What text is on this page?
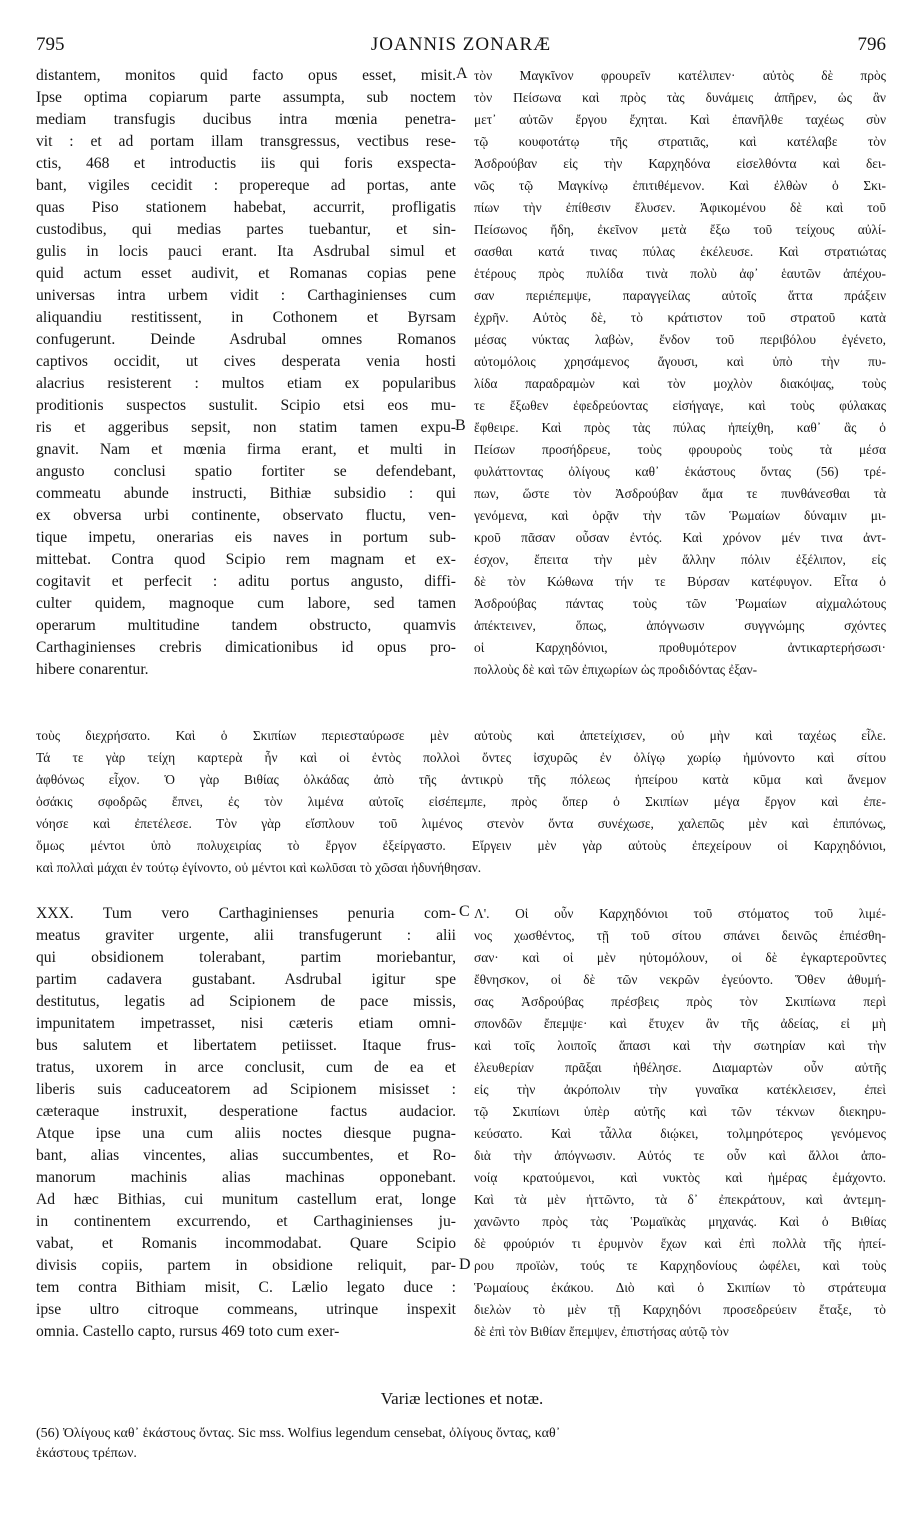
795	JOANNIS ZONARÆ	796
A
B
C
D
distantem, monitos quid facto opus esset, misit.
Ipse optima copiarum parte assumpta, sub noctem
mediam transfugis ducibus intra mœnia penetra-
vit : et ad portam illam transgressus, vectibus rese-
ctis, 468 et introductis iis qui foris exspecta-
bant, vigiles cecidit : propereque ad portas, ante
quas Piso stationem habebat, accurrit, profligatis
custodibus, qui medias partes tuebantur, et sin-
gulis in locis pauci erant. Ita Asdrubal simul et
quid actum esset audivit, et Romanas copias pene
universas intra urbem vidit : Carthaginienses cum
aliquandiu restitissent, in Cothonem et Byrsam
confugerunt. Deinde Asdrubal omnes Romanos
captivos occidit, ut cives desperata venia hosti
alacrius resisterent : multos etiam ex popularibus
proditionis suspectos sustulit. Scipio etsi eos mu-
ris et aggeribus sepsit, non statim tamen expu-
gnavit. Nam et mœnia firma erant, et multi in
angusto conclusi spatio fortiter se defendebant,
commeatu abunde instructi, Bithiæ subsidio : qui
ex obversa urbi continente, observato fluctu, ven-
tique impetu, onerarias eis naves in portum sub-
mittebat. Contra quod Scipio rem magnam et ex-
cogitavit et perfecit : aditu portus angusto, diffi-
culter quidem, magnoque cum labore, sed tamen
operarum multitudine tandem obstructo, quamvis
Carthaginienses crebris dimicationibus id opus pro-
hibere conarentur.
τὸν Μαγκῖνον φρουρεῖν κατέλιπεν· αὐτὸς δὲ πρὸς
τὸν Πείσωνα καὶ πρὸς τὰς δυνάμεις ἀπῆρεν, ὡς ἂν
μετ᾽ αὐτῶν ἔργου ἔχηται. Καὶ ἐπανῆλθε ταχέως σὺν
τῷ κουφοτάτῳ τῆς στρατιᾶς, καὶ κατέλαβε τὸν
Ἀσδρούβαν εἰς τὴν Καρχηδόνα εἰσελθόντα καὶ δει-
νῶς τῷ Μαγκίνῳ ἐπιτιθέμενον. Καὶ ἐλθὼν ὁ Σκι-
πίων τὴν ἐπίθεσιν ἔλυσεν. Ἀφικομένου δὲ καὶ τοῦ
Πείσωνος ἤδη, ἐκεῖνον μετὰ ἔξω τοῦ τείχους αὐλί-
σασθαι κατά τινας πύλας ἐκέλευσε. Καὶ στρατιώτας
ἑτέρους πρὸς πυλίδα τινὰ πολὺ ἀφ᾽ ἑαυτῶν ἀπέχου-
σαν περιέπεμψε, παραγγείλας αὐτοῖς ἅττα πράξειν
ἐχρῆν. Αὐτὸς δὲ, τὸ κράτιστον τοῦ στρατοῦ κατὰ
μέσας νύκτας λαβὼν, ἔνδον τοῦ περιβόλου ἐγένετο,
αὐτομόλοις χρησάμενος ἄγουσι, καὶ ὑπὸ τὴν πυ-
λίδα παραδραμὼν καὶ τὸν μοχλὸν διακόψας, τοὺς
τε ἔξωθεν ἐφεδρεύοντας εἰσήγαγε, καὶ τοὺς φύλακας
ἔφθειρε. Καὶ πρὸς τὰς πύλας ἠπείχθη, καθ᾽ ἃς ὁ
Πείσων προσήδρευε, τοὺς φρουροὺς τοὺς τὰ μέσα
φυλάττοντας ὀλίγους καθ᾽ ἑκάστους ὄντας (56) τρέ-
πων, ὥστε τὸν Ἀσδρούβαν ἅμα τε πυνθάνεσθαι τὰ
γενόμενα, καὶ ὁρᾷν τὴν τῶν Ῥωμαίων δύναμιν μι-
κροῦ πᾶσαν οὖσαν ἐντός. Καὶ χρόνον μέν τινα ἀντ-
έσχον, ἔπειτα τὴν μὲν ἄλλην πόλιν ἐξέλιπον, εἰς
δὲ τὸν Κώθωνα τήν τε Βύρσαν κατέφυγον. Εἶτα ὁ
Ἀσδρούβας πάντας τοὺς τῶν Ῥωμαίων αἰχμαλώτους
ἀπέκτεινεν, ὅπως, ἀπόγνωσιν συγγνώμης σχόντες
οἱ Καρχηδόνιοι, προθυμότερον ἀντικαρτερήσωσι·
πολλοὺς δὲ καὶ τῶν ἐπιχωρίων ὡς προδιδόντας ἐξαν-
τοὺς διεχρήσατο. Καὶ ὁ Σκιπίων περιεσταύρωσε μὲν αὐτοὺς καὶ ἀπετείχισεν, οὐ μὴν καὶ ταχέως εἷλε.
Τά τε γὰρ τείχη καρτερὰ ἦν καὶ οἱ ἐντὸς πολλοὶ ὄντες ἰσχυρῶς ἐν ὀλίγῳ χωρίῳ ἠμύνοντο καὶ σίτου
ἀφθόνως εἶχον. Ὁ γὰρ Βιθίας ὁλκάδας ἀπὸ τῆς ἀντικρὺ τῆς πόλεως ἠπείρου κατὰ κῦμα καὶ ἄνεμον
ὁσάκις σφοδρῶς ἔπνει, ἐς τὸν λιμένα αὐτοῖς εἰσέπεμπε, πρὸς ὅπερ ὁ Σκιπίων μέγα ἔργον καὶ ἐπε-
νόησε καὶ ἐπετέλεσε. Τὸν γὰρ εἴσπλουν τοῦ λιμένος στενὸν ὄντα συνέχωσε, χαλεπῶς μὲν καὶ ἐπιπόνως,
ὅμως μέντοι ὑπὸ πολυχειρίας τὸ ἔργον ἐξείργαστο. Εἴργειν μὲν γὰρ αὐτοὺς ἐπεχείρουν οἱ Καρχηδόνιοι,
καὶ πολλαὶ μάχαι ἐν τούτῳ ἐγίνοντο, οὐ μέντοι καὶ κωλῦσαι τὸ χῶσαι ἠδυνήθησαν.
XXX. Tum vero Carthaginienses penuria com-
meatus graviter urgente, alii transfugerunt : alii
qui obsidionem tolerabant, partim moriebantur,
partim cadavera gustabant. Asdrubal igitur spe
destitutus, legatis ad Scipionem de pace missis,
impunitatem impetrasset, nisi cæteris etiam omni-
bus salutem et libertatem petiisset. Itaque frus-
tratus, uxorem in arce conclusit, cum de ea et
liberis suis caduceatorem ad Scipionem misisset :
cæteraque instruxit, desperatione factus audacior.
Atque ipse una cum aliis noctes diesque pugna-
bant, alias vincentes, alias succumbentes, et Ro-
manorum machinis alias machinas opponebant.
Ad hæc Bithias, cui munitum castellum erat, longe
in continentem excurrendo, et Carthaginienses ju-
vabat, et Romanis incommodabat. Quare Scipio
divisis copiis, partem in obsidione reliquit, par-
tem contra Bithiam misit, C. Lælio legato duce :
ipse ultro citroque commeans, utrinque inspexit
omnia. Castello capto, rursus 469 toto cum exer-
Λ'. Οἱ οὖν Καρχηδόνιοι τοῦ στόματος τοῦ λιμέ-
νος χωσθέντος, τῇ τοῦ σίτου σπάνει δεινῶς ἐπιέσθη-
σαν· καὶ οἱ μὲν ηὐτομόλουν, οἱ δὲ ἐγκαρτεροῦντες
ἔθνησκον, οἱ δὲ τῶν νεκρῶν ἐγεύοντο. Ὅθεν ἀθυμή-
σας Ἀσδρούβας πρέσβεις πρὸς τὸν Σκιπίωνα περὶ
σπονδῶν ἔπεμψε· καὶ ἔτυχεν ἂν τῆς ἀδείας, εἰ μὴ
καὶ τοῖς λοιποῖς ἅπασι καὶ τὴν σωτηρίαν καὶ τὴν
ἐλευθερίαν πρᾶξαι ἠθέλησε. Διαμαρτὼν οὖν αὐτῆς
εἰς τὴν ἀκρόπολιν τὴν γυναῖκα κατέκλεισεν, ἐπεὶ
τῷ Σκιπίωνι ὑπὲρ αὐτῆς καὶ τῶν τέκνων διεκηρυ-
κεύσατο. Καὶ τἆλλα διῴκει, τολμηρότερος γενόμενος
διὰ τὴν ἀπόγνωσιν. Αὐτός τε οὖν καὶ ἄλλοι ἀπο-
νοίᾳ κρατούμενοι, καὶ νυκτὸς καὶ ἡμέρας ἐμάχοντο.
Καὶ τὰ μὲν ἡττῶντο, τὰ δ᾽ ἐπεκράτουν, καὶ ἀντεμη-
χανῶντο πρὸς τὰς Ῥωμαϊκὰς μηχανάς. Καὶ ὁ Βιθίας
δὲ φρούριόν τι ἐρυμνὸν ἔχων καὶ ἐπὶ πολλὰ τῆς ἠπεί-
ρου προϊὼν, τούς τε Καρχηδονίους ὠφέλει, καὶ τοὺς
Ῥωμαίους ἐκάκου. Διὸ καὶ ὁ Σκιπίων τὸ στράτευμα
διελὼν τὸ μὲν τῇ Καρχηδόνι προσεδρεύειν ἔταξε, τὸ
δὲ ἐπὶ τὸν Βιθίαν ἔπεμψεν, ἐπιστήσας αὐτῷ τὸν
Variæ lectiones et notæ.
(56) Ὀλίγους καθ᾽ ἑκάστους ὄντας. Sic mss. Wolfius legendum censebat, ὀλίγους ὄντας, καθ᾽
ἑκάστους τρέπων.
